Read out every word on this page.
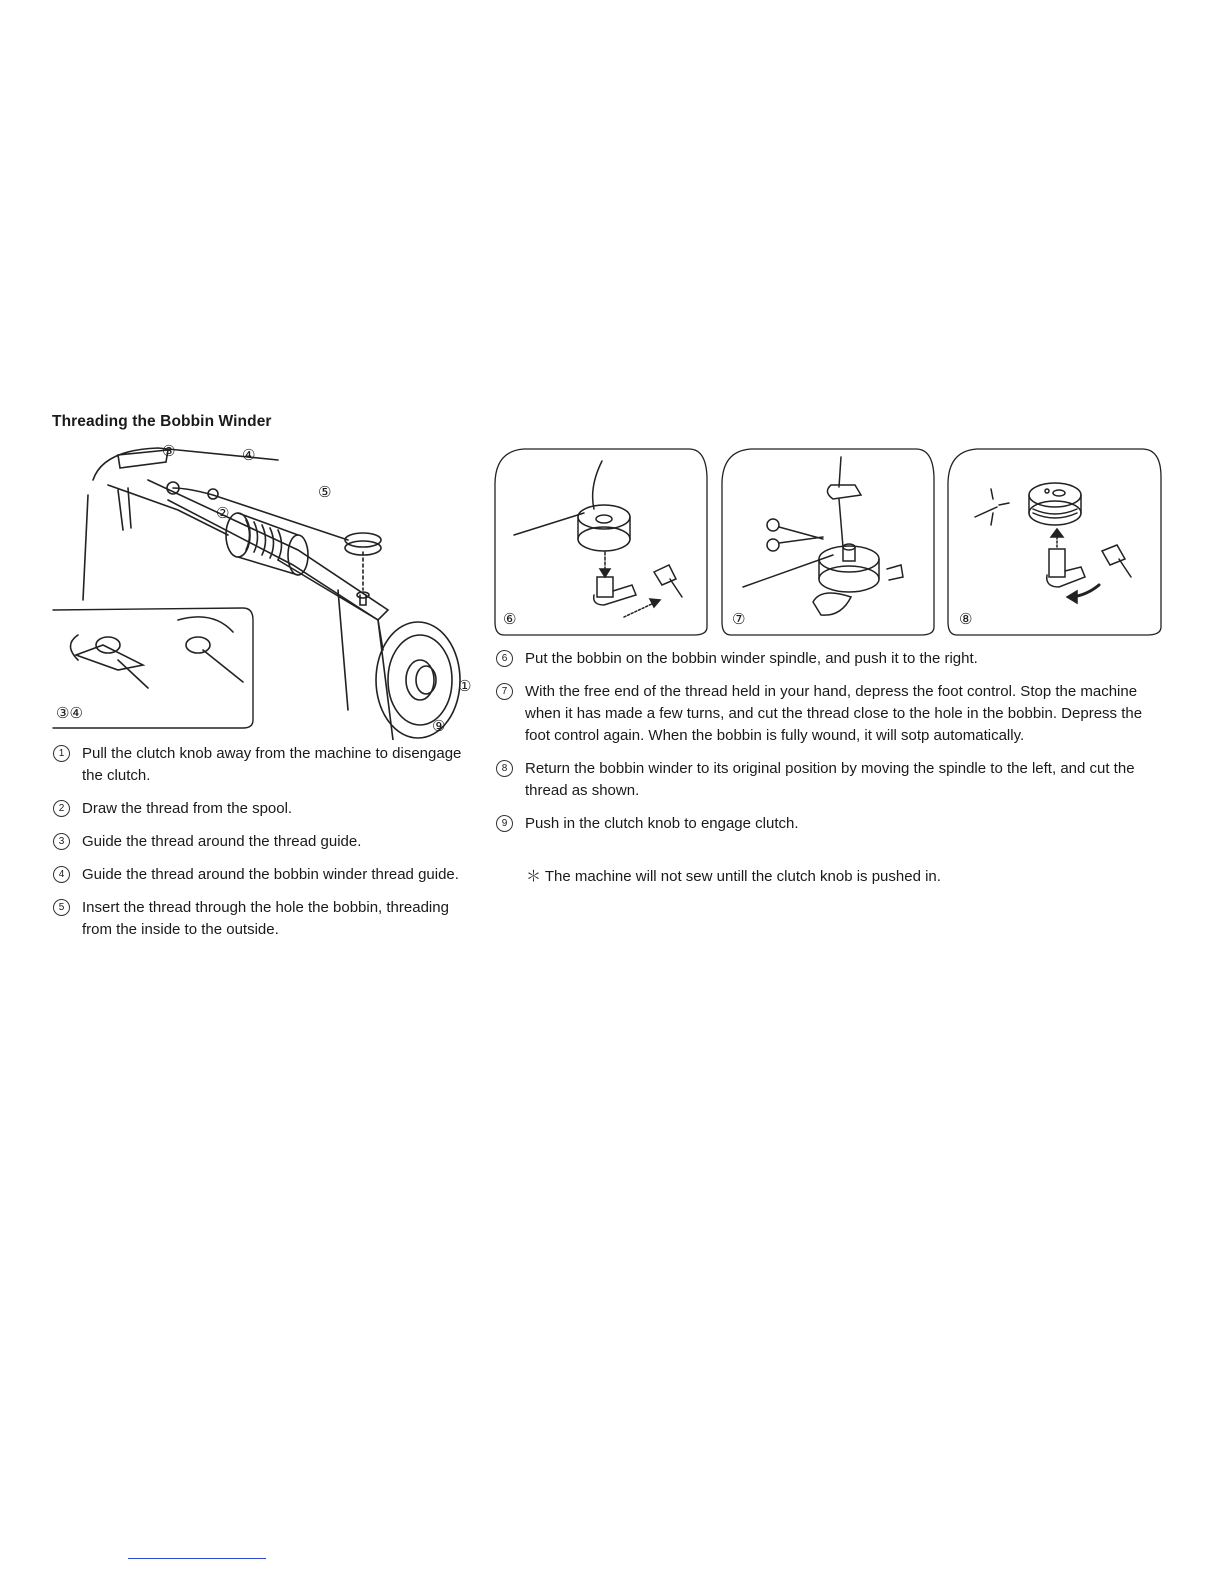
Threading the Bobbin Winder
③	④
②
⑤
①
⑨
③④
⑥	⑦	⑧
1	Pull the clutch knob away from the machine to disengage the clutch.
2	Draw the thread from the spool.
3	Guide the thread around the thread guide.
4	Guide the thread around the bobbin winder thread guide.
5	Insert the thread through the hole the bobbin, threading from the inside to the outside.
6	Put the bobbin on the bobbin winder spindle, and push it to the right.
7	With the free end of the thread held in your hand, depress the foot control. Stop the machine when it has made a few turns, and cut the thread close to the hole in the bobbin. Depress the foot control again. When the bobbin is fully wound, it will sotp automatically.
8	Return the bobbin winder to its original position by moving the spindle to the left, and cut the thread as shown.
9	Push in the clutch knob to engage clutch.
＊ The machine will not sew untill the clutch knob is pushed in.
